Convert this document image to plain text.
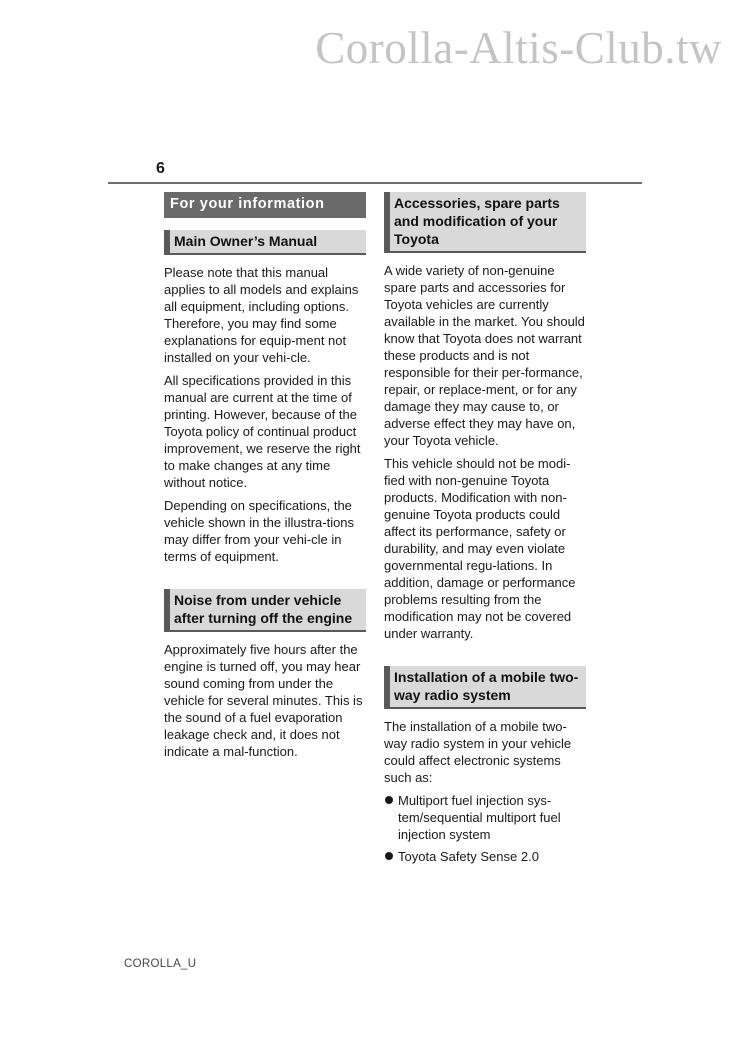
Corolla-Altis-Club.tw
6
For your information
Main Owner’s Manual

Please note that this manual applies to all models and explains all equipment, including options. Therefore, you may find some explanations for equip-ment not installed on your vehi-cle.

All specifications provided in this manual are current at the time of printing. However, because of the Toyota policy of continual product improvement, we reserve the right to make changes at any time without notice.

Depending on specifications, the vehicle shown in the illustra-tions may differ from your vehi-cle in terms of equipment.

Noise from under vehicle after turning off the engine

Approximately five hours after the engine is turned off, you may hear sound coming from under the vehicle for several minutes. This is the sound of a fuel evaporation leakage check and, it does not indicate a mal-function.

Accessories, spare parts and modification of your Toyota

A wide variety of non-genuine spare parts and accessories for Toyota vehicles are currently available in the market. You should know that Toyota does not warrant these products and is not responsible for their per-formance, repair, or replace-ment, or for any damage they may cause to, or adverse effect they may have on, your Toyota vehicle.

This vehicle should not be modi-fied with non-genuine Toyota products. Modification with non-genuine Toyota products could affect its performance, safety or durability, and may even violate governmental regu-lations. In addition, damage or performance problems resulting from the modification may not be covered under warranty.

Installation of a mobile two-way radio system

The installation of a mobile two-way radio system in your vehicle could affect electronic systems such as:

Multiport fuel injection sys-tem/sequential multiport fuel injection system
Toyota Safety Sense 2.0
COROLLA_U
